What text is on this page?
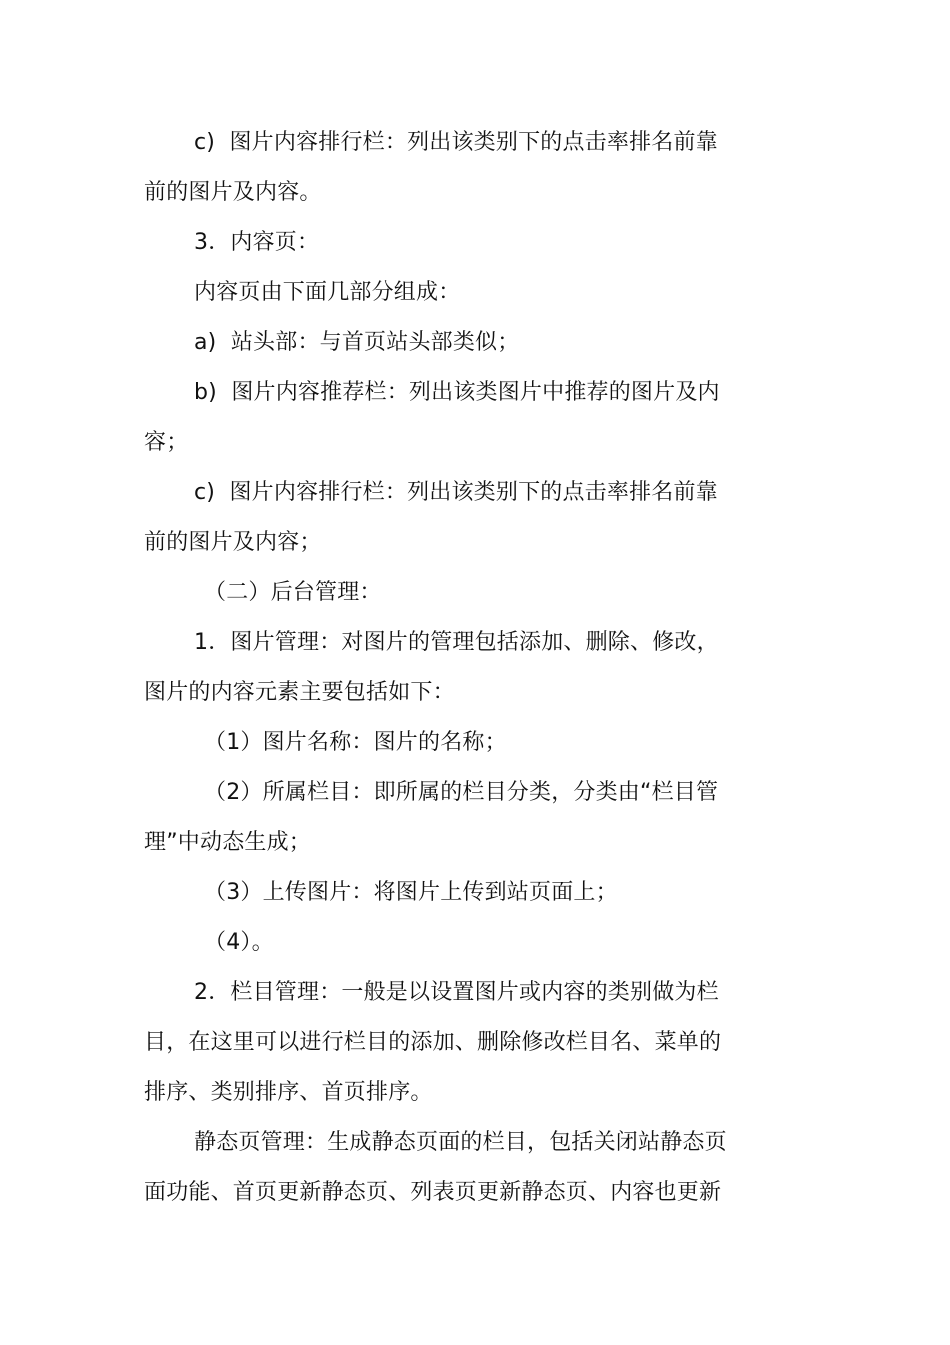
c)  图片内容排行栏：列出该类别下的点击率排名前靠
前的图片及内容。

3．内容页：

内容页由下面几部分组成：

a)  站头部：与首页站头部类似；

b)  图片内容推荐栏：列出该类图片中推荐的图片及内
容；

c)  图片内容排行栏：列出该类别下的点击率排名前靠
前的图片及内容；

（二）后台管理：

1．图片管理：对图片的管理包括添加、删除、修改，
图片的内容元素主要包括如下：

（1）图片名称：图片的名称；

（2）所属栏目：即所属的栏目分类，分类由“栏目管
理”中动态生成；

（3）上传图片：将图片上传到站页面上；

（4）。

2．栏目管理：一般是以设置图片或内容的类别做为栏
目，在这里可以进行栏目的添加、删除修改栏目名、菜单的
排序、类别排序、首页排序。

静态页管理：生成静态页面的栏目，包括关闭站静态页
面功能、首页更新静态页、列表页更新静态页、内容也更新
